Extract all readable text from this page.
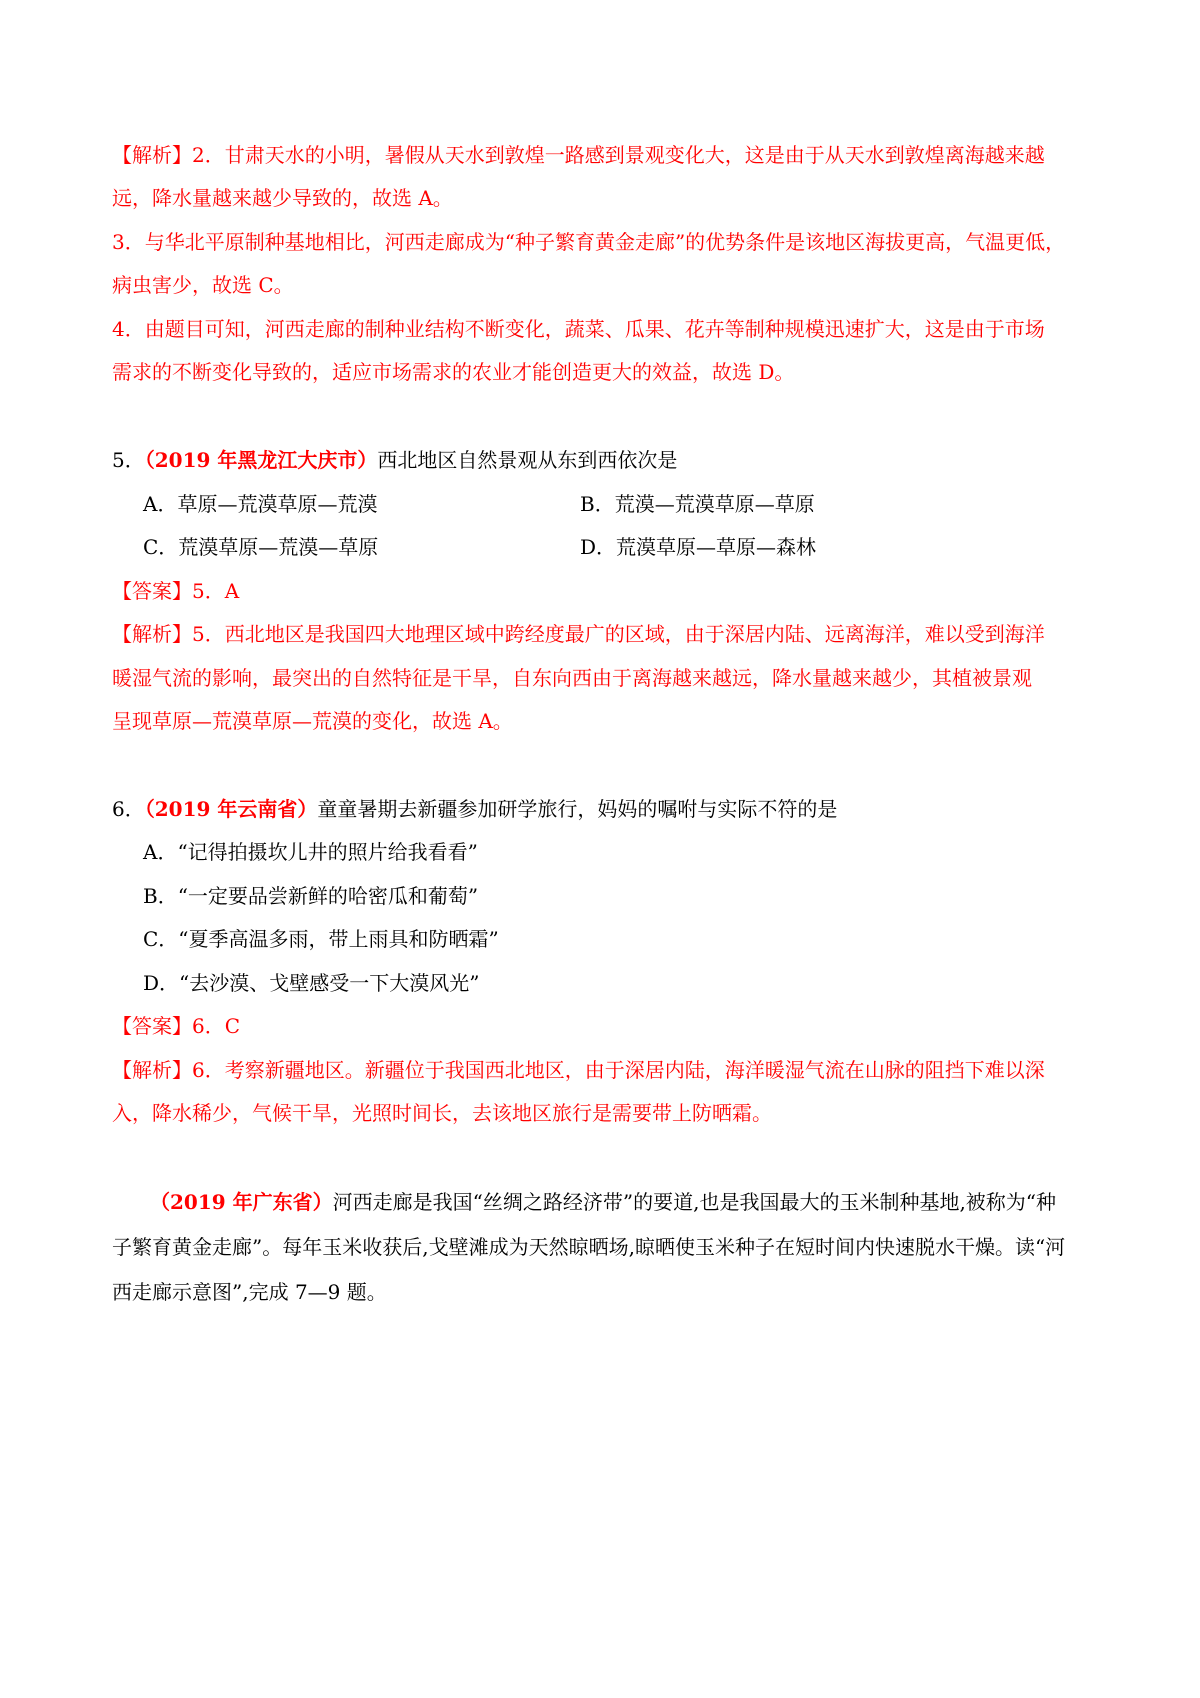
【解析】2．甘肃天水的小明，暑假从天水到敦煌一路感到景观变化大，这是由于从天水到敦煌离海越来越
远，降水量越来越少导致的，故选 A。
3．与华北平原制种基地相比，河西走廊成为“种子繁育黄金走廊”的优势条件是该地区海拔更高，气温更低，
病虫害少，故选 C。
4．由题目可知，河西走廊的制种业结构不断变化，蔬菜、瓜果、花卉等制种规模迅速扩大，这是由于市场
需求的不断变化导致的，适应市场需求的农业才能创造更大的效益，故选 D。
5．（2019 年黑龙江大庆市）西北地区自然景观从东到西依次是
A．草原—荒漠草原—荒漠	B．荒漠—荒漠草原—草原
C．荒漠草原—荒漠—草原	D．荒漠草原—草原—森林
【答案】5．A
【解析】5．西北地区是我国四大地理区域中跨经度最广的区域，由于深居内陆、远离海洋，难以受到海洋
暖湿气流的影响，最突出的自然特征是干旱，自东向西由于离海越来越远，降水量越来越少，其植被景观
呈现草原—荒漠草原—荒漠的变化，故选 A。
6．（2019 年云南省）童童暑期去新疆参加研学旅行，妈妈的嘱咐与实际不符的是
A．“记得拍摄坎儿井的照片给我看看”
B．“一定要品尝新鲜的哈密瓜和葡萄”
C．“夏季高温多雨，带上雨具和防晒霜”
D．“去沙漠、戈壁感受一下大漠风光”
【答案】6．C
【解析】6．考察新疆地区。新疆位于我国西北地区，由于深居内陆，海洋暖湿气流在山脉的阻挡下难以深
入，降水稀少，气候干旱，光照时间长，去该地区旅行是需要带上防晒霜。
（2019 年广东省）河西走廊是我国“丝绸之路经济带”的要道,也是我国最大的玉米制种基地,被称为“种
子繁育黄金走廊”。每年玉米收获后,戈壁滩成为天然晾晒场,晾晒使玉米种子在短时间内快速脱水干燥。读“河
西走廊示意图”,完成 7—9 题。
